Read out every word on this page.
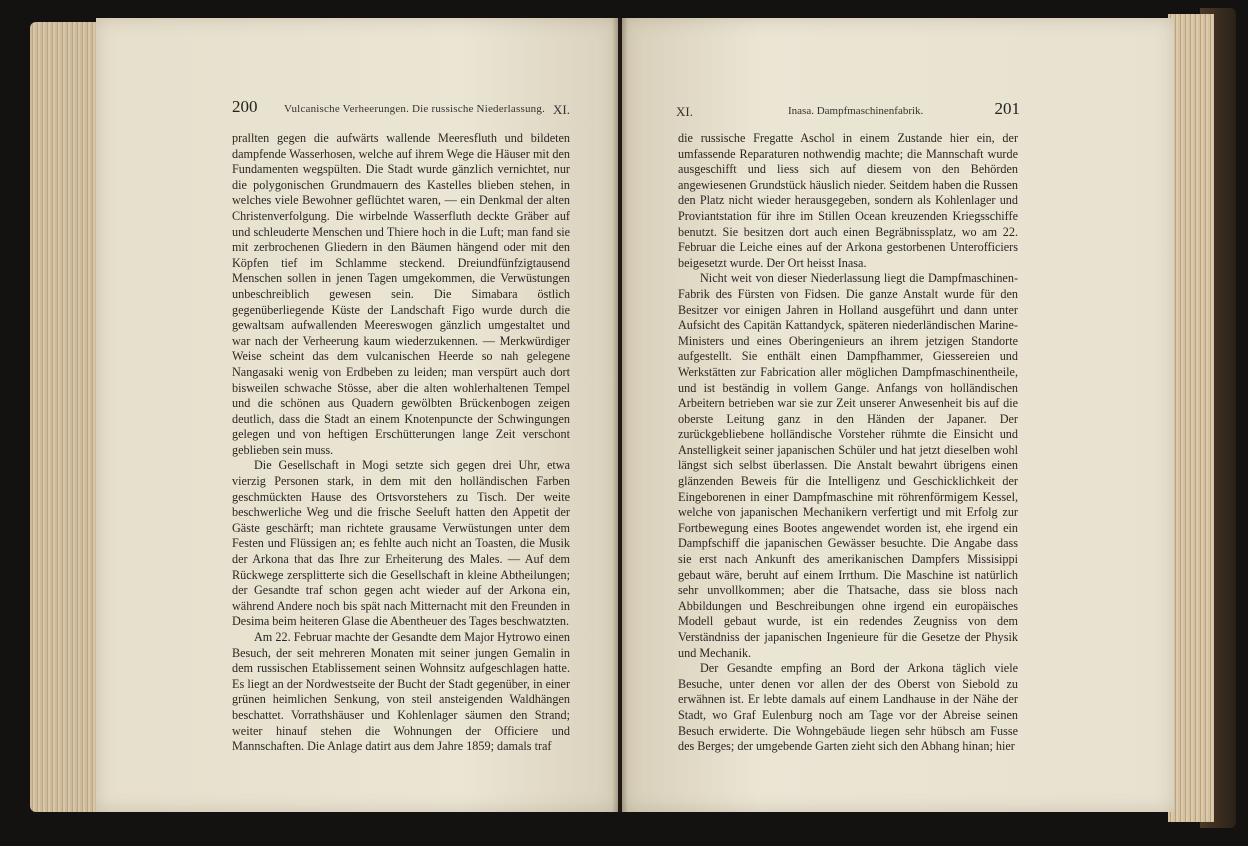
200 Vulcanische Verheerungen. Die russische Niederlassung. XI.

prallten gegen die aufwärts wallende Meeresfluth und bildeten dampfende Wasserhosen, welche auf ihrem Wege die Häuser mit den Fundamenten wegspülten. Die Stadt wurde gänzlich vernichtet, nur die polygonischen Grundmauern des Kastelles blieben stehen, in welches viele Bewohner geflüchtet waren, — ein Denkmal der alten Christenverfolgung. Die wirbelnde Wasserfluth deckte Gräber auf und schleuderte Menschen und Thiere hoch in die Luft; man fand sie mit zerbrochenen Gliedern in den Bäumen hängend oder mit den Köpfen tief im Schlamme steckend. Dreiundfünfzigtausend Menschen sollen in jenen Tagen umgekommen, die Verwüstungen unbeschreiblich gewesen sein. Die Simabara östlich gegenüberliegende Küste der Landschaft Figo wurde durch die gewaltsam aufwallenden Meereswogen gänzlich umgestaltet und war nach der Verheerung kaum wiederzukennen. — Merkwürdiger Weise scheint das dem vulcanischen Heerde so nah gelegene Nangasaki wenig von Erdbeben zu leiden; man verspürt auch dort bisweilen schwache Stösse, aber die alten wohlerhaltenen Tempel und die schönen aus Quadern gewölbten Brückenbogen zeigen deutlich, dass die Stadt an einem Knotenpuncte der Schwingungen gelegen und von heftigen Erschütterungen lange Zeit verschont geblieben sein muss.

Die Gesellschaft in Mogi setzte sich gegen drei Uhr, etwa vierzig Personen stark, in dem mit den holländischen Farben geschmückten Hause des Ortsvorstehers zu Tisch. Der weite beschwerliche Weg und die frische Seeluft hatten den Appetit der Gäste geschärft; man richtete grausame Verwüstungen unter dem Festen und Flüssigen an; es fehlte auch nicht an Toasten, die Musik der Arkona that das Ihre zur Erheiterung des Males. — Auf dem Rückwege zersplitterte sich die Gesellschaft in kleine Abtheilungen; der Gesandte traf schon gegen acht wieder auf der Arkona ein, während Andere noch bis spät nach Mitternacht mit den Freunden in Desima beim heiteren Glase die Abentheuer des Tages beschwatzten.

Am 22. Februar machte der Gesandte dem Major Hytrowo einen Besuch, der seit mehreren Monaten mit seiner jungen Gemalin in dem russischen Etablissement seinen Wohnsitz aufgeschlagen hatte. Es liegt an der Nordwestseite der Bucht der Stadt gegenüber, in einer grünen heimlichen Senkung, von steil ansteigenden Waldhängen beschattet. Vorrathshäuser und Kohlenlager säumen den Strand; weiter hinauf stehen die Wohnungen der Officiere und Mannschaften. Die Anlage datirt aus dem Jahre 1859; damals traf

XI.	Inasa. Dampfmaschinenfabrik.	201

die russische Fregatte Aschol in einem Zustande hier ein, der umfassende Reparaturen nothwendig machte; die Mannschaft wurde ausgeschifft und liess sich auf diesem von den Behörden angewiesenen Grundstück häuslich nieder. Seitdem haben die Russen den Platz nicht wieder herausgegeben, sondern als Kohlenlager und Proviantstation für ihre im Stillen Ocean kreuzenden Kriegsschiffe benutzt. Sie besitzen dort auch einen Begräbnissplatz, wo am 22. Februar die Leiche eines auf der Arkona gestorbenen Unterofficiers beigesetzt wurde. Der Ort heisst Inasa.

Nicht weit von dieser Niederlassung liegt die Dampfmaschinen-Fabrik des Fürsten von Fidsen. Die ganze Anstalt wurde für den Besitzer vor einigen Jahren in Holland ausgeführt und dann unter Aufsicht des Capitän Kattandyck, späteren niederländischen Marine-Ministers und eines Oberingenieurs an ihrem jetzigen Standorte aufgestellt. Sie enthält einen Dampfhammer, Giessereien und Werkstätten zur Fabrication aller möglichen Dampfmaschinentheile, und ist beständig in vollem Gange. Anfangs von holländischen Arbeitern betrieben war sie zur Zeit unserer Anwesenheit bis auf die oberste Leitung ganz in den Händen der Japaner. Der zurückgebliebene holländische Vorsteher rühmte die Einsicht und Anstelligkeit seiner japanischen Schüler und hat jetzt dieselben wohl längst sich selbst überlassen. Die Anstalt bewahrt übrigens einen glänzenden Beweis für die Intelligenz und Geschicklichkeit der Eingeborenen in einer Dampfmaschine mit röhrenförmigem Kessel, welche von japanischen Mechanikern verfertigt und mit Erfolg zur Fortbewegung eines Bootes angewendet worden ist, ehe irgend ein Dampfschiff die japanischen Gewässer besuchte. Die Angabe dass sie erst nach Ankunft des amerikanischen Dampfers Missisippi gebaut wäre, beruht auf einem Irrthum. Die Maschine ist natürlich sehr unvollkommen; aber die Thatsache, dass sie bloss nach Abbildungen und Beschreibungen ohne irgend ein europäisches Modell gebaut wurde, ist ein redendes Zeugniss von dem Verständniss der japanischen Ingenieure für die Gesetze der Physik und Mechanik.

Der Gesandte empfing an Bord der Arkona täglich viele Besuche, unter denen vor allen der des Oberst von Siebold zu erwähnen ist. Er lebte damals auf einem Landhause in der Nähe der Stadt, wo Graf Eulenburg noch am Tage vor der Abreise seinen Besuch erwiderte. Die Wohngebäude liegen sehr hübsch am Fusse des Berges; der umgebende Garten zieht sich den Abhang hinan; hier
